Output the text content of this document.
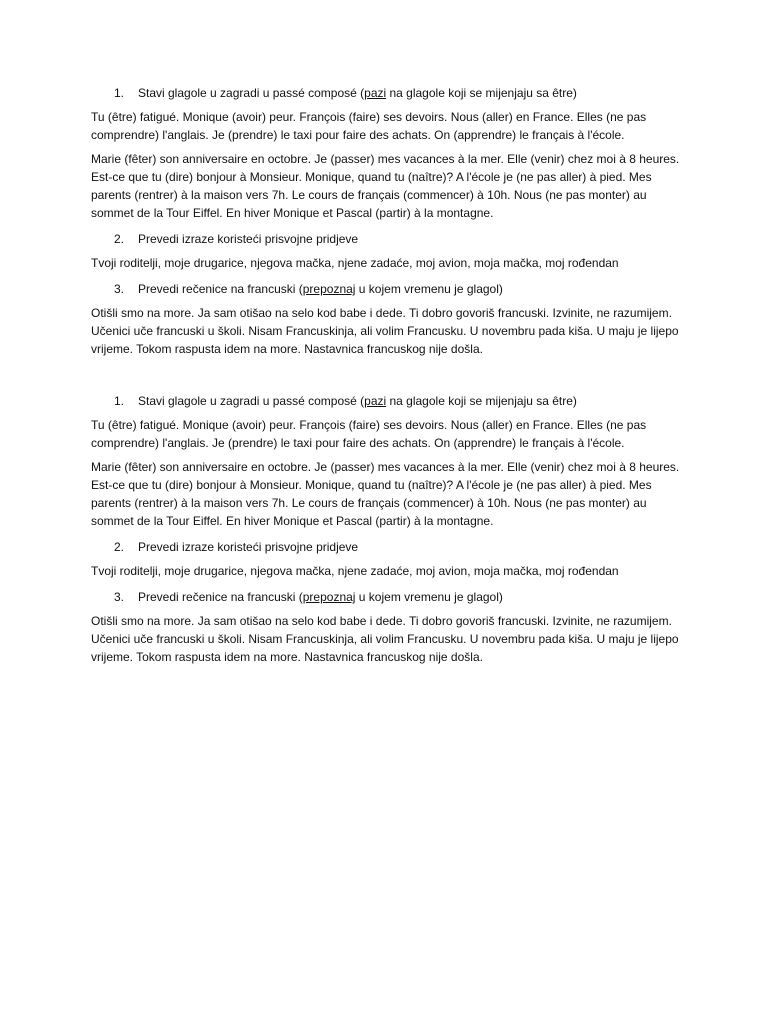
1. Stavi glagole u zagradi u passé composé (pazi na glagole koji se mijenjaju sa être)

Tu (être) fatigué. Monique (avoir) peur. François (faire) ses devoirs. Nous (aller) en France. Elles (ne pas comprendre) l'anglais. Je (prendre) le taxi pour faire des achats. On (apprendre) le français à l'école.

Marie (fêter) son anniversaire en octobre. Je (passer) mes vacances à la mer. Elle (venir) chez moi à 8 heures. Est-ce que tu (dire) bonjour à Monsieur. Monique, quand tu (naître)? A l'école je (ne pas aller) à pied. Mes parents (rentrer) à la maison vers 7h. Le cours de français (commencer) à 10h. Nous (ne pas monter) au sommet de la Tour Eiffel. En hiver Monique et Pascal (partir) à la montagne.

2. Prevedi izraze koristeći prisvojne pridjeve

Tvoji roditelji, moje drugarice, njegova mačka, njene zadaće, moj avion, moja mačka, moj rođendan

3. Prevedi rečenice na francuski (prepoznaj u kojem vremenu je glagol)

Otišli smo na more. Ja sam otišao na selo kod babe i dede. Ti dobro govoriš francuski. Izvinite, ne razumijem. Učenici uče francuski u školi. Nisam Francuskinja, ali volim Francusku. U novembru pada kiša. U maju je lijepo vrijeme. Tokom raspusta idem na more. Nastavnica francuskog nije došla.

1. Stavi glagole u zagradi u passé composé (pazi na glagole koji se mijenjaju sa être)

Tu (être) fatigué. Monique (avoir) peur. François (faire) ses devoirs. Nous (aller) en France. Elles (ne pas comprendre) l'anglais. Je (prendre) le taxi pour faire des achats. On (apprendre) le français à l'école.

Marie (fêter) son anniversaire en octobre. Je (passer) mes vacances à la mer. Elle (venir) chez moi à 8 heures. Est-ce que tu (dire) bonjour à Monsieur. Monique, quand tu (naître)? A l'école je (ne pas aller) à pied. Mes parents (rentrer) à la maison vers 7h. Le cours de français (commencer) à 10h. Nous (ne pas monter) au sommet de la Tour Eiffel. En hiver Monique et Pascal (partir) à la montagne.

2. Prevedi izraze koristeći prisvojne pridjeve

Tvoji roditelji, moje drugarice, njegova mačka, njene zadaće, moj avion, moja mačka, moj rođendan

3. Prevedi rečenice na francuski (prepoznaj u kojem vremenu je glagol)

Otišli smo na more. Ja sam otišao na selo kod babe i dede. Ti dobro govoriš francuski. Izvinite, ne razumijem. Učenici uče francuski u školi. Nisam Francuskinja, ali volim Francusku. U novembru pada kiša. U maju je lijepo vrijeme. Tokom raspusta idem na more. Nastavnica francuskog nije došla.
